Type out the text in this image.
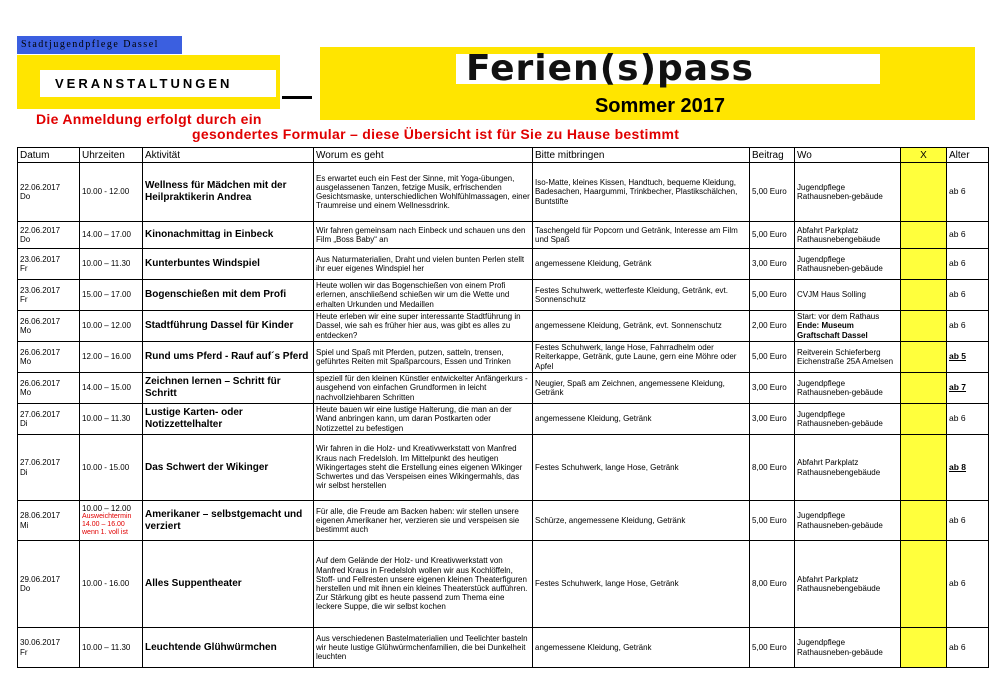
Stadtjugendpflege Dassel
VERANSTALTUNGEN	Ferien(s)pass
Sommer 2017
Die Anmeldung erfolgt durch ein
gesondertes Formular – diese Übersicht ist für Sie zu Hause bestimmt
Datum	Uhrzeiten	Aktivität	Worum es geht	Bitte mitbringen	Beitrag	Wo	X	Alter
22.06.2017
Do	10.00 - 12.00	Wellness für Mädchen mit der Heilpraktikerin Andrea	Es erwartet euch ein Fest der Sinne, mit Yoga-übungen, ausgelassenen Tanzen, fetzige Musik, erfrischenden Gesichtsmaske, unterschiedlichen Wohlfühlmassagen, einer Traumreise und einem Wellnessdrink.	Iso-Matte, kleines Kissen, Handtuch, bequeme Kleidung, Badesachen, Haargummi, Trinkbecher, Plastikschälchen, Buntstifte	5,00 Euro	Jugendpflege Rathausneben-gebäude		ab 6
22.06.2017
Do	14.00 – 17.00	Kinonachmittag in Einbeck	Wir fahren gemeinsam nach Einbeck und schauen uns den Film „Boss Baby“ an	Taschengeld für Popcorn und Getränk, Interesse am Film und Spaß	5,00 Euro	Abfahrt Parkplatz Rathausnebengebäude		ab 6
23.06.2017
Fr	10.00 – 11.30	Kunterbuntes Windspiel	Aus Naturmaterialien, Draht und vielen bunten Perlen stellt ihr euer eigenes Windspiel her	angemessene Kleidung, Getränk	3,00 Euro	Jugendpflege Rathausneben-gebäude		ab 6
23.06.2017
Fr	15.00 – 17.00	Bogenschießen mit dem Profi	Heute wollen wir das Bogenschießen von einem Profi erlernen, anschließend schießen wir um die Wette und erhalten Urkunden und Medaillen	Festes Schuhwerk, wetterfeste Kleidung, Getränk, evt. Sonnenschutz	5,00 Euro	CVJM Haus Solling		ab 6
26.06.2017
Mo	10.00 – 12.00	Stadtführung Dassel für Kinder	Heute erleben wir eine super interessante Stadtführung in Dassel, wie sah es früher hier aus, was gibt es alles zu entdecken?	angemessene Kleidung, Getränk, evt. Sonnenschutz	2,00 Euro	Start: vor dem Rathaus
Ende: Museum Graftschaft Dassel		ab 6
26.06.2017
Mo	12.00 – 16.00	Rund ums Pferd - Rauf auf´s Pferd	Spiel und Spaß mit Pferden, putzen, satteln, trensen, geführtes Reiten mit Spaßparcours, Essen und Trinken	Festes Schuhwerk, lange Hose, Fahrradhelm oder Reiterkappe, Getränk, gute Laune, gern eine Möhre oder Apfel	5,00 Euro	Reitverein Schieferberg Eichenstraße 25A Amelsen		ab 5
26.06.2017
Mo	14.00 – 15.00	Zeichnen lernen – Schritt für Schritt	speziell für den kleinen Künstler entwickelter Anfängerkurs - ausgehend von einfachen Grundformen in leicht nachvollziehbaren Schritten	Neugier, Spaß am Zeichnen, angemessene Kleidung, Getränk	3,00 Euro	Jugendpflege Rathausneben-gebäude		ab 7
27.06.2017
Di	10.00 – 11.30	Lustige Karten- oder Notizzettelhalter	Heute bauen wir eine lustige Halterung, die man an der Wand anbringen kann, um daran Postkarten oder Notizzettel zu befestigen	angemessene Kleidung, Getränk	3,00 Euro	Jugendpflege Rathausneben-gebäude		ab 6
27.06.2017
Di	10.00 - 15.00	Das Schwert der Wikinger	Wir fahren in die Holz- und Kreativwerkstatt von Manfred Kraus nach Fredelsloh. Im Mittelpunkt des heutigen Wikingertages steht die Erstellung eines eigenen Wikinger Schwertes und das Verspeisen eines Wikingermahls, das wir selbst herstellen	Festes Schuhwerk, lange Hose, Getränk	8,00 Euro	Abfahrt Parkplatz Rathausnebengebäude		ab 8
28.06.2017
Mi	10.00 – 12.00
Ausweichtermin 14.00 – 16.00 wenn 1. voll ist	Amerikaner – selbstgemacht und verziert	Für alle, die Freude am Backen haben: wir stellen unsere eigenen Amerikaner her, verzieren sie und verspeisen sie bestimmt auch	Schürze, angemessene Kleidung, Getränk	5,00 Euro	Jugendpflege Rathausneben-gebäude		ab 6
29.06.2017
Do	10.00 - 16.00	Alles Suppentheater	Auf dem Gelände der Holz- und Kreativwerkstatt von Manfred Kraus in Fredelsloh wollen wir aus Kochlöffeln, Stoff- und Fellresten unsere eigenen kleinen Theaterfiguren herstellen und mit ihnen ein kleines Theaterstück aufführen. Zur Stärkung gibt es heute passend zum Thema eine leckere Suppe, die wir selbst kochen	Festes Schuhwerk, lange Hose, Getränk	8,00 Euro	Abfahrt Parkplatz Rathausnebengebäude		ab 6
30.06.2017
Fr	10.00 – 11.30	Leuchtende Glühwürmchen	Aus verschiedenen Bastelmaterialien und Teelichter basteln wir heute lustige Glühwürmchenfamilien, die bei Dunkelheit leuchten	angemessene Kleidung, Getränk	5,00 Euro	Jugendpflege Rathausneben-gebäude		ab 6
